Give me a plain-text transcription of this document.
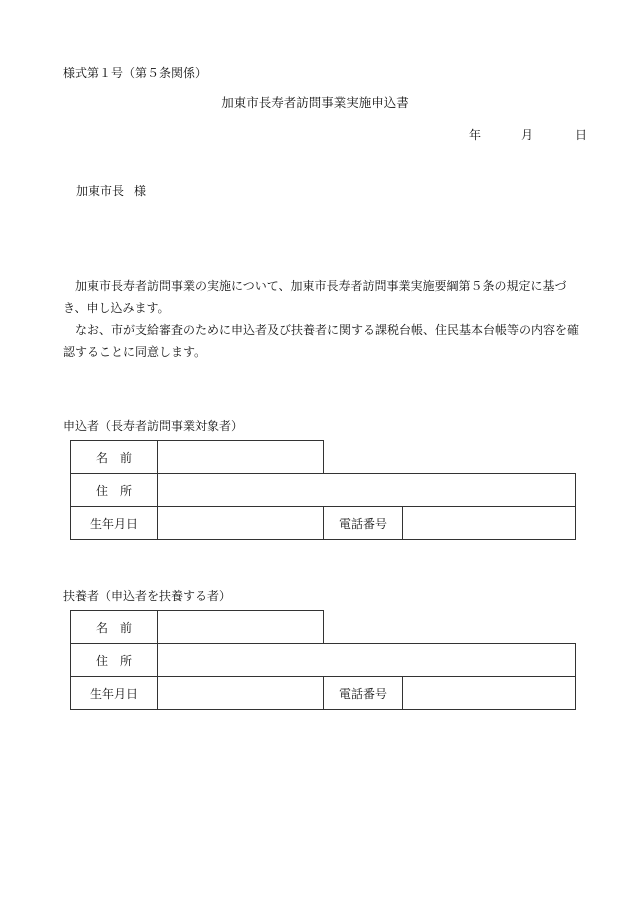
様式第１号（第５条関係）
加東市長寿者訪問事業実施申込書
年	月	日
加東市長 様
加東市長寿者訪問事業の実施について、加東市長寿者訪問事業実施要綱第５条の規定に基づき、申し込みます。
なお、市が支給審査のために申込者及び扶養者に関する課税台帳、住民基本台帳等の内容を確認することに同意します。
申込者（長寿者訪問事業対象者）
名　前			
住　所			
生年月日		電話番号	
扶養者（申込者を扶養する者）
名　前			
住　所			
生年月日		電話番号	
